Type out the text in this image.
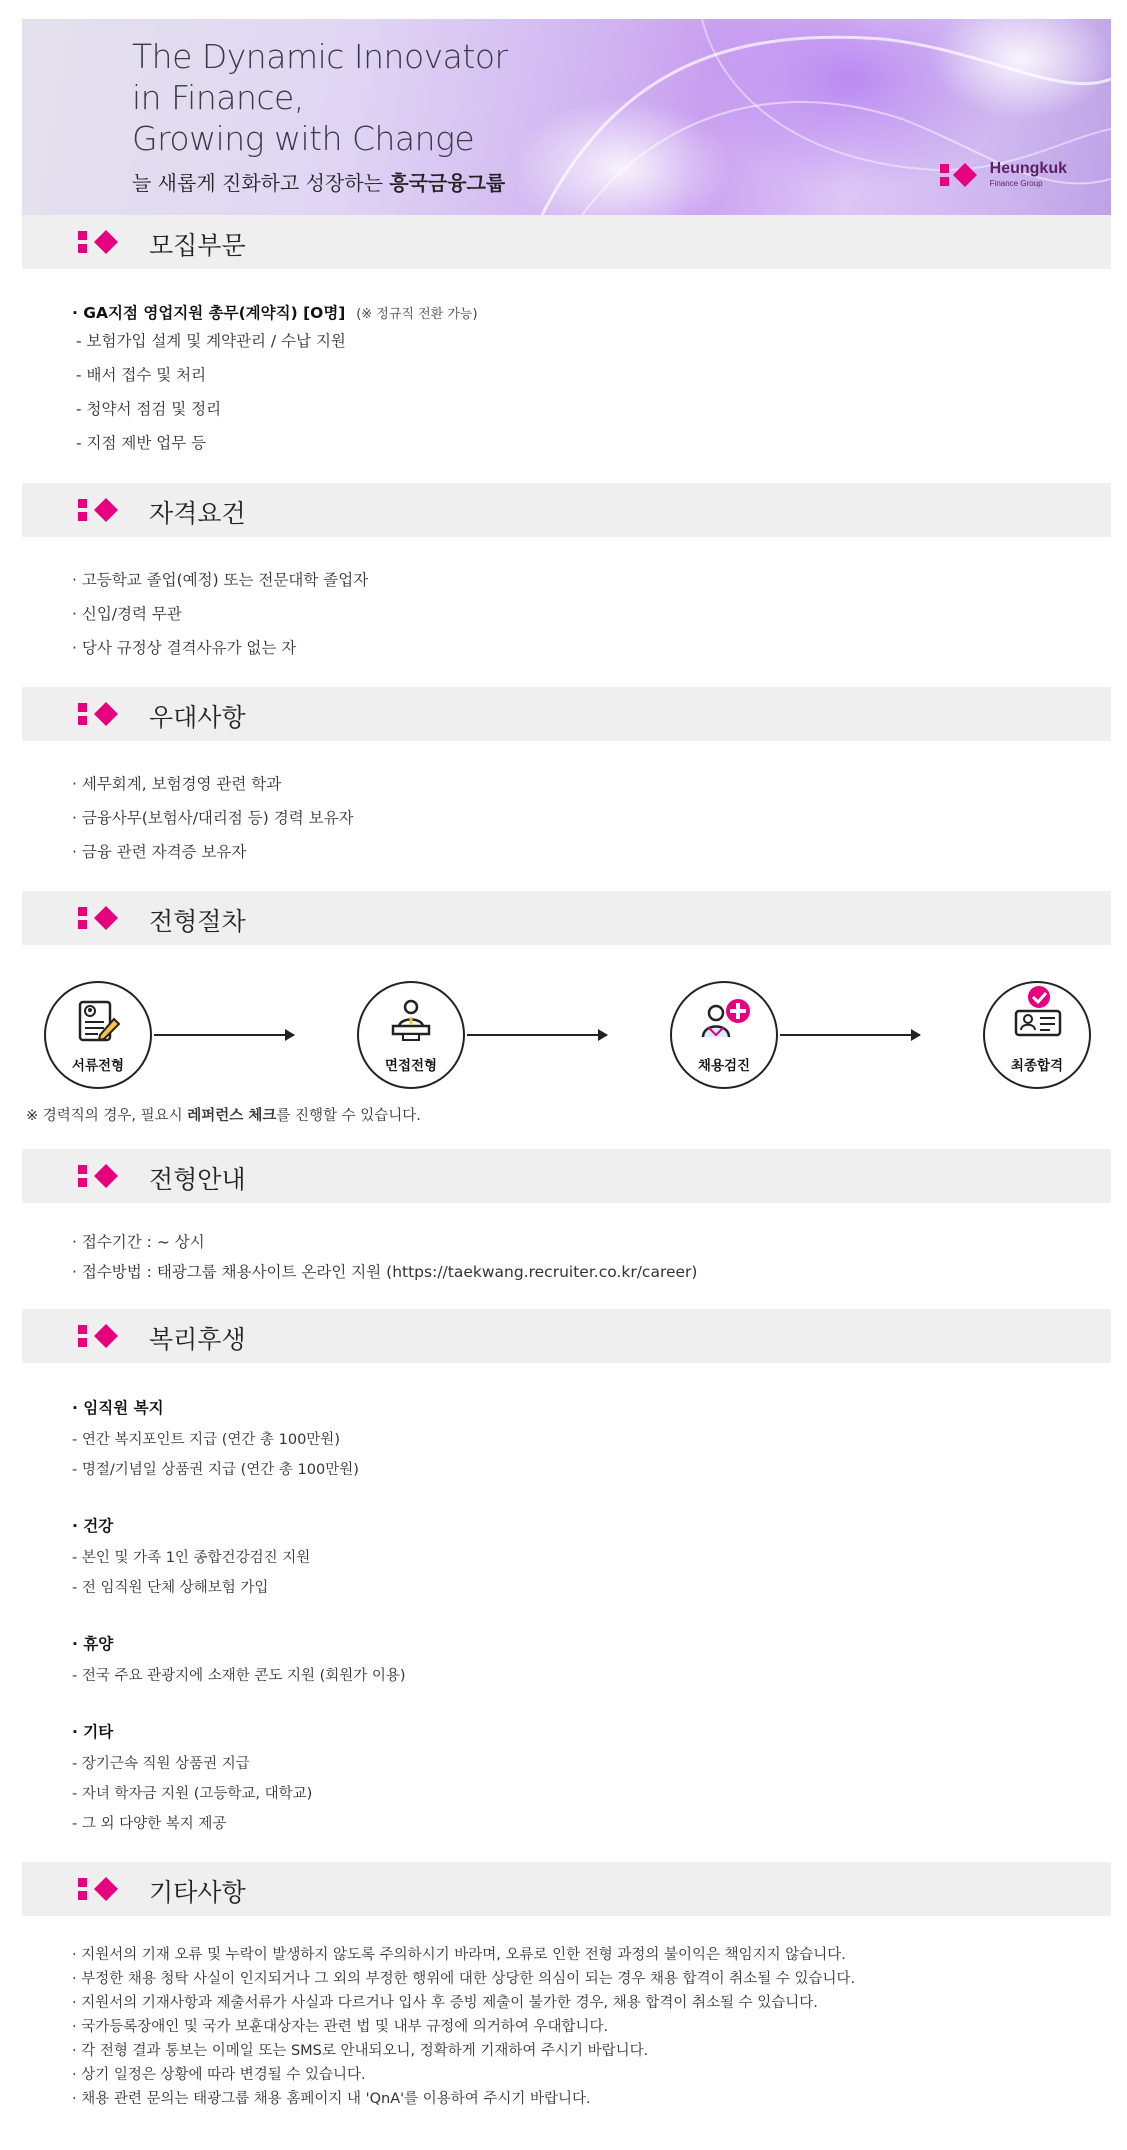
The Dynamic Innovator
in Finance,
Growing with Change
늘 새롭게 진화하고 성장하는 흥국금융그룹
Heungkuk
Finance Group
모집부문
· GA지점 영업지원 총무(계약직) [O명] (※ 정규직 전환 가능)
- 보험가입 설계 및 계약관리 / 수납 지원
- 배서 접수 및 처리
- 청약서 점검 및 정리
- 지점 제반 업무 등
자격요건
· 고등학교 졸업(예정) 또는 전문대학 졸업자
· 신입/경력 무관
· 당사 규정상 결격사유가 없는 자
우대사항
· 세무회계, 보험경영 관련 학과
· 금융사무(보험사/대리점 등) 경력 보유자
· 금융 관련 자격증 보유자
전형절차
서류전형	면접전형	채용검진	최종합격
※ 경력직의 경우, 필요시 레퍼런스 체크를 진행할 수 있습니다.
전형안내
· 접수기간 : ~ 상시
· 접수방법 : 태광그룹 채용사이트 온라인 지원 (https://taekwang.recruiter.co.kr/career)
복리후생
· 임직원 복지
- 연간 복지포인트 지급 (연간 총 100만원)
- 명절/기념일 상품권 지급 (연간 총 100만원)
· 건강
- 본인 및 가족 1인 종합건강검진 지원
- 전 임직원 단체 상해보험 가입
· 휴양
- 전국 주요 관광지에 소재한 콘도 지원 (회원가 이용)
· 기타
- 장기근속 직원 상품권 지급
- 자녀 학자금 지원 (고등학교, 대학교)
- 그 외 다양한 복지 제공
기타사항
· 지원서의 기재 오류 및 누락이 발생하지 않도록 주의하시기 바라며, 오류로 인한 전형 과정의 불이익은 책임지지 않습니다.
· 부정한 채용 청탁 사실이 인지되거나 그 외의 부정한 행위에 대한 상당한 의심이 되는 경우 채용 합격이 취소될 수 있습니다.
· 지원서의 기재사항과 제출서류가 사실과 다르거나 입사 후 증빙 제출이 불가한 경우, 채용 합격이 취소될 수 있습니다.
· 국가등록장애인 및 국가 보훈대상자는 관련 법 및 내부 규정에 의거하여 우대합니다.
· 각 전형 결과 통보는 이메일 또는 SMS로 안내되오니, 정확하게 기재하여 주시기 바랍니다.
· 상기 일정은 상황에 따라 변경될 수 있습니다.
· 채용 관련 문의는 태광그룹 채용 홈페이지 내 'QnA'를 이용하여 주시기 바랍니다.
